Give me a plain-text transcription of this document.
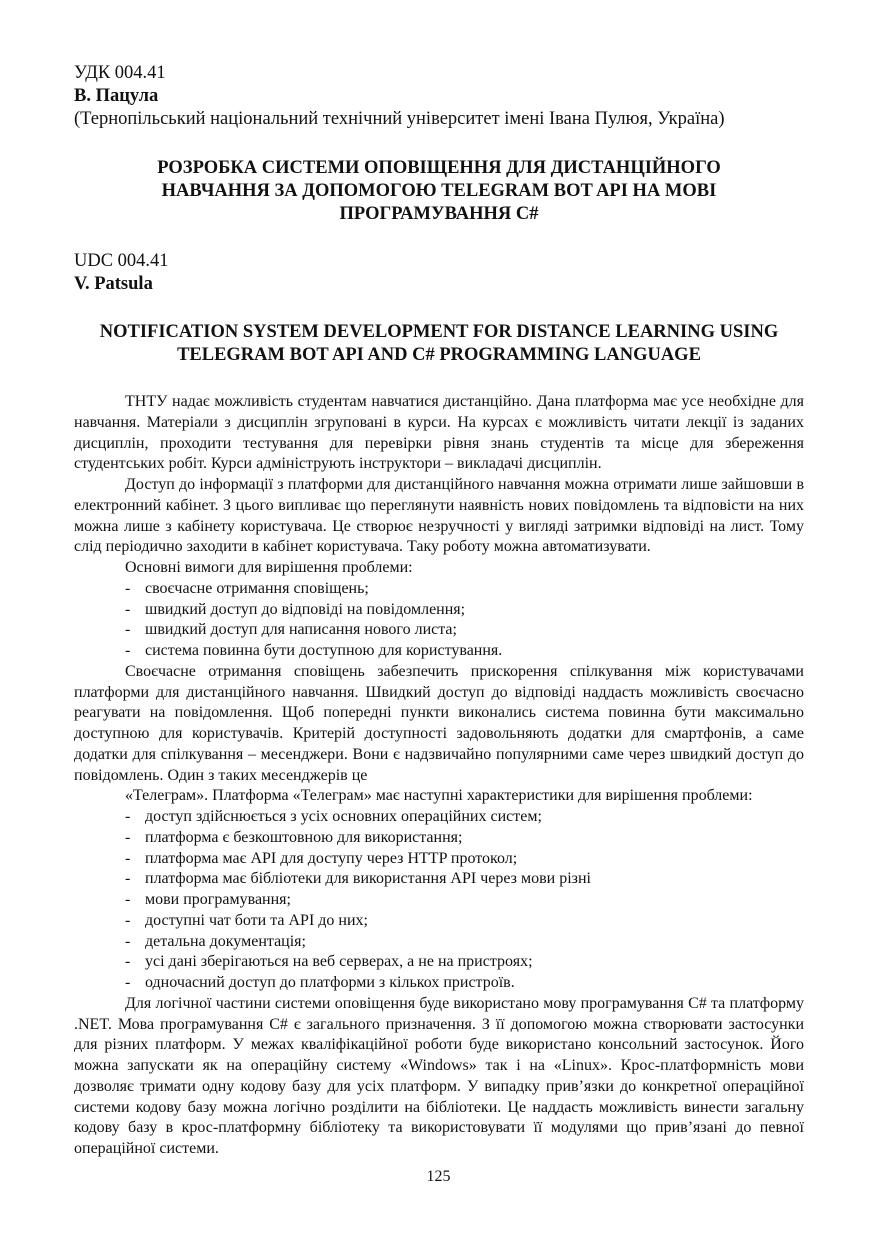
УДК 004.41
В. Пацула
(Тернопільський національний технічний університет імені Івана Пулюя, Україна)
РОЗРОБКА СИСТЕМИ ОПОВІЩЕННЯ ДЛЯ ДИСТАНЦІЙНОГО НАВЧАННЯ ЗА ДОПОМОГОЮ TELEGRAM BOT API НА МОВІ ПРОГРАМУВАННЯ C#
UDC 004.41
V. Patsula
NOTIFICATION SYSTEM DEVELOPMENT FOR DISTANCE LEARNING USING TELEGRAM BOT API AND C# PROGRAMMING LANGUAGE

ТНТУ надає можливість студентам навчатися дистанційно. Дана платформа має усе необхідне для навчання. Матеріали з дисциплін згруповані в курси. На курсах є можливість читати лекції із заданих дисциплін, проходити тестування для перевірки рівня знань студентів та місце для збереження студентських робіт. Курси адмініструють інструктори – викладачі дисциплін.

Доступ до інформації з платформи для дистанційного навчання можна отримати лише зайшовши в електронний кабінет. З цього випливає що переглянути наявність нових повідомлень та відповісти на них можна лише з кабінету користувача. Це створює незручності у вигляді затримки відповіді на лист. Тому слід періодично заходити в кабінет користувача. Таку роботу можна автоматизувати.

Основні вимоги для вирішення проблеми:

- своєчасне отримання сповіщень;
- швидкий доступ до відповіді на повідомлення;
- швидкий доступ для написання нового листа;
- система повинна бути доступною для користування.

Своєчасне отримання сповіщень забезпечить прискорення спілкування між користувачами платформи для дистанційного навчання. Швидкий доступ до відповіді наддасть можливість своєчасно реагувати на повідомлення. Щоб попередні пункти виконались система повинна бути максимально доступною для користувачів. Критерій доступності задовольняють додатки для смартфонів, а саме додатки для спілкування – месенджери. Вони є надзвичайно популярними саме через швидкий доступ до повідомлень. Один з таких месенджерів це

«Телеграм». Платформа «Телеграм» має наступні характеристики для вирішення проблеми:

- доступ здійснюється з усіх основних операційних систем;
- платформа є безкоштовною для використання;
- платформа має API для доступу через HTTP протокол;
- платформа має бібліотеки для використання API через мови різні
- мови програмування;
- доступні чат боти та API до них;
- детальна документація;
- усі дані зберігаються на веб серверах, а не на пристроях;
- одночасний доступ до платформи з кількох пристроїв.

Для логічної частини системи оповіщення буде використано мову програмування C# та платформу .NET. Мова програмування C# є загального призначення. З її допомогою можна створювати застосунки для різних платформ. У межах кваліфікаційної роботи буде використано консольний застосунок. Його можна запускати як на операційну систему «Windows» так і на «Linux». Крос-платформність мови дозволяє тримати одну кодову базу для усіх платформ. У випадку прив’язки до конкретної операційної системи кодову базу можна логічно розділити на бібліотеки. Це наддасть можливість винести загальну кодову базу в крос-платформну бібліотеку та використовувати її модулями що прив’язані до певної операційної системи.

125
